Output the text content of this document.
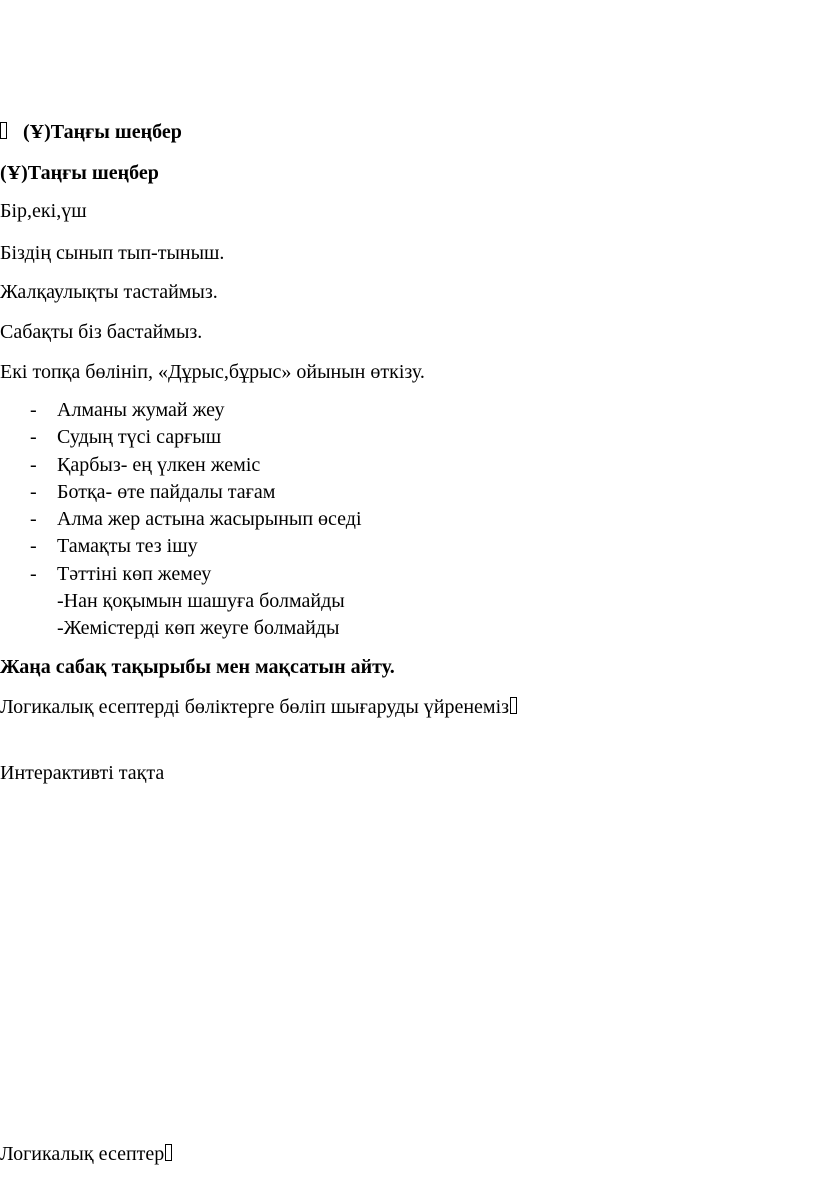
(Ұ)Таңғы шеңбер
(Ұ)Таңғы шеңбер
Бір,екі,үш
Біздің сынып тып-тыныш.
Жалқаулықты тастаймыз.
Сабақты біз бастаймыз.
Екі топқа бөлініп, «Дұрыс,бұрыс» ойынын өткізу.
- Алманы жумай жеу
- Судың түсі сарғыш
- Қарбыз- ең үлкен жеміс
- Ботқа- өте пайдалы тағам
- Алма жер астына жасырынып өседі
- Тамақты тез ішу
- Тәттіні көп жемеу
-Нан қоқымын шашуға болмайды
-Жемістерді көп жеуге болмайды
Жаңа сабақ тақырыбы мен мақсатын айту.
Логикалық есептерді бөліктерге бөліп шығаруды үйренеміз
Интерактивті тақта
Логикалық есептер
